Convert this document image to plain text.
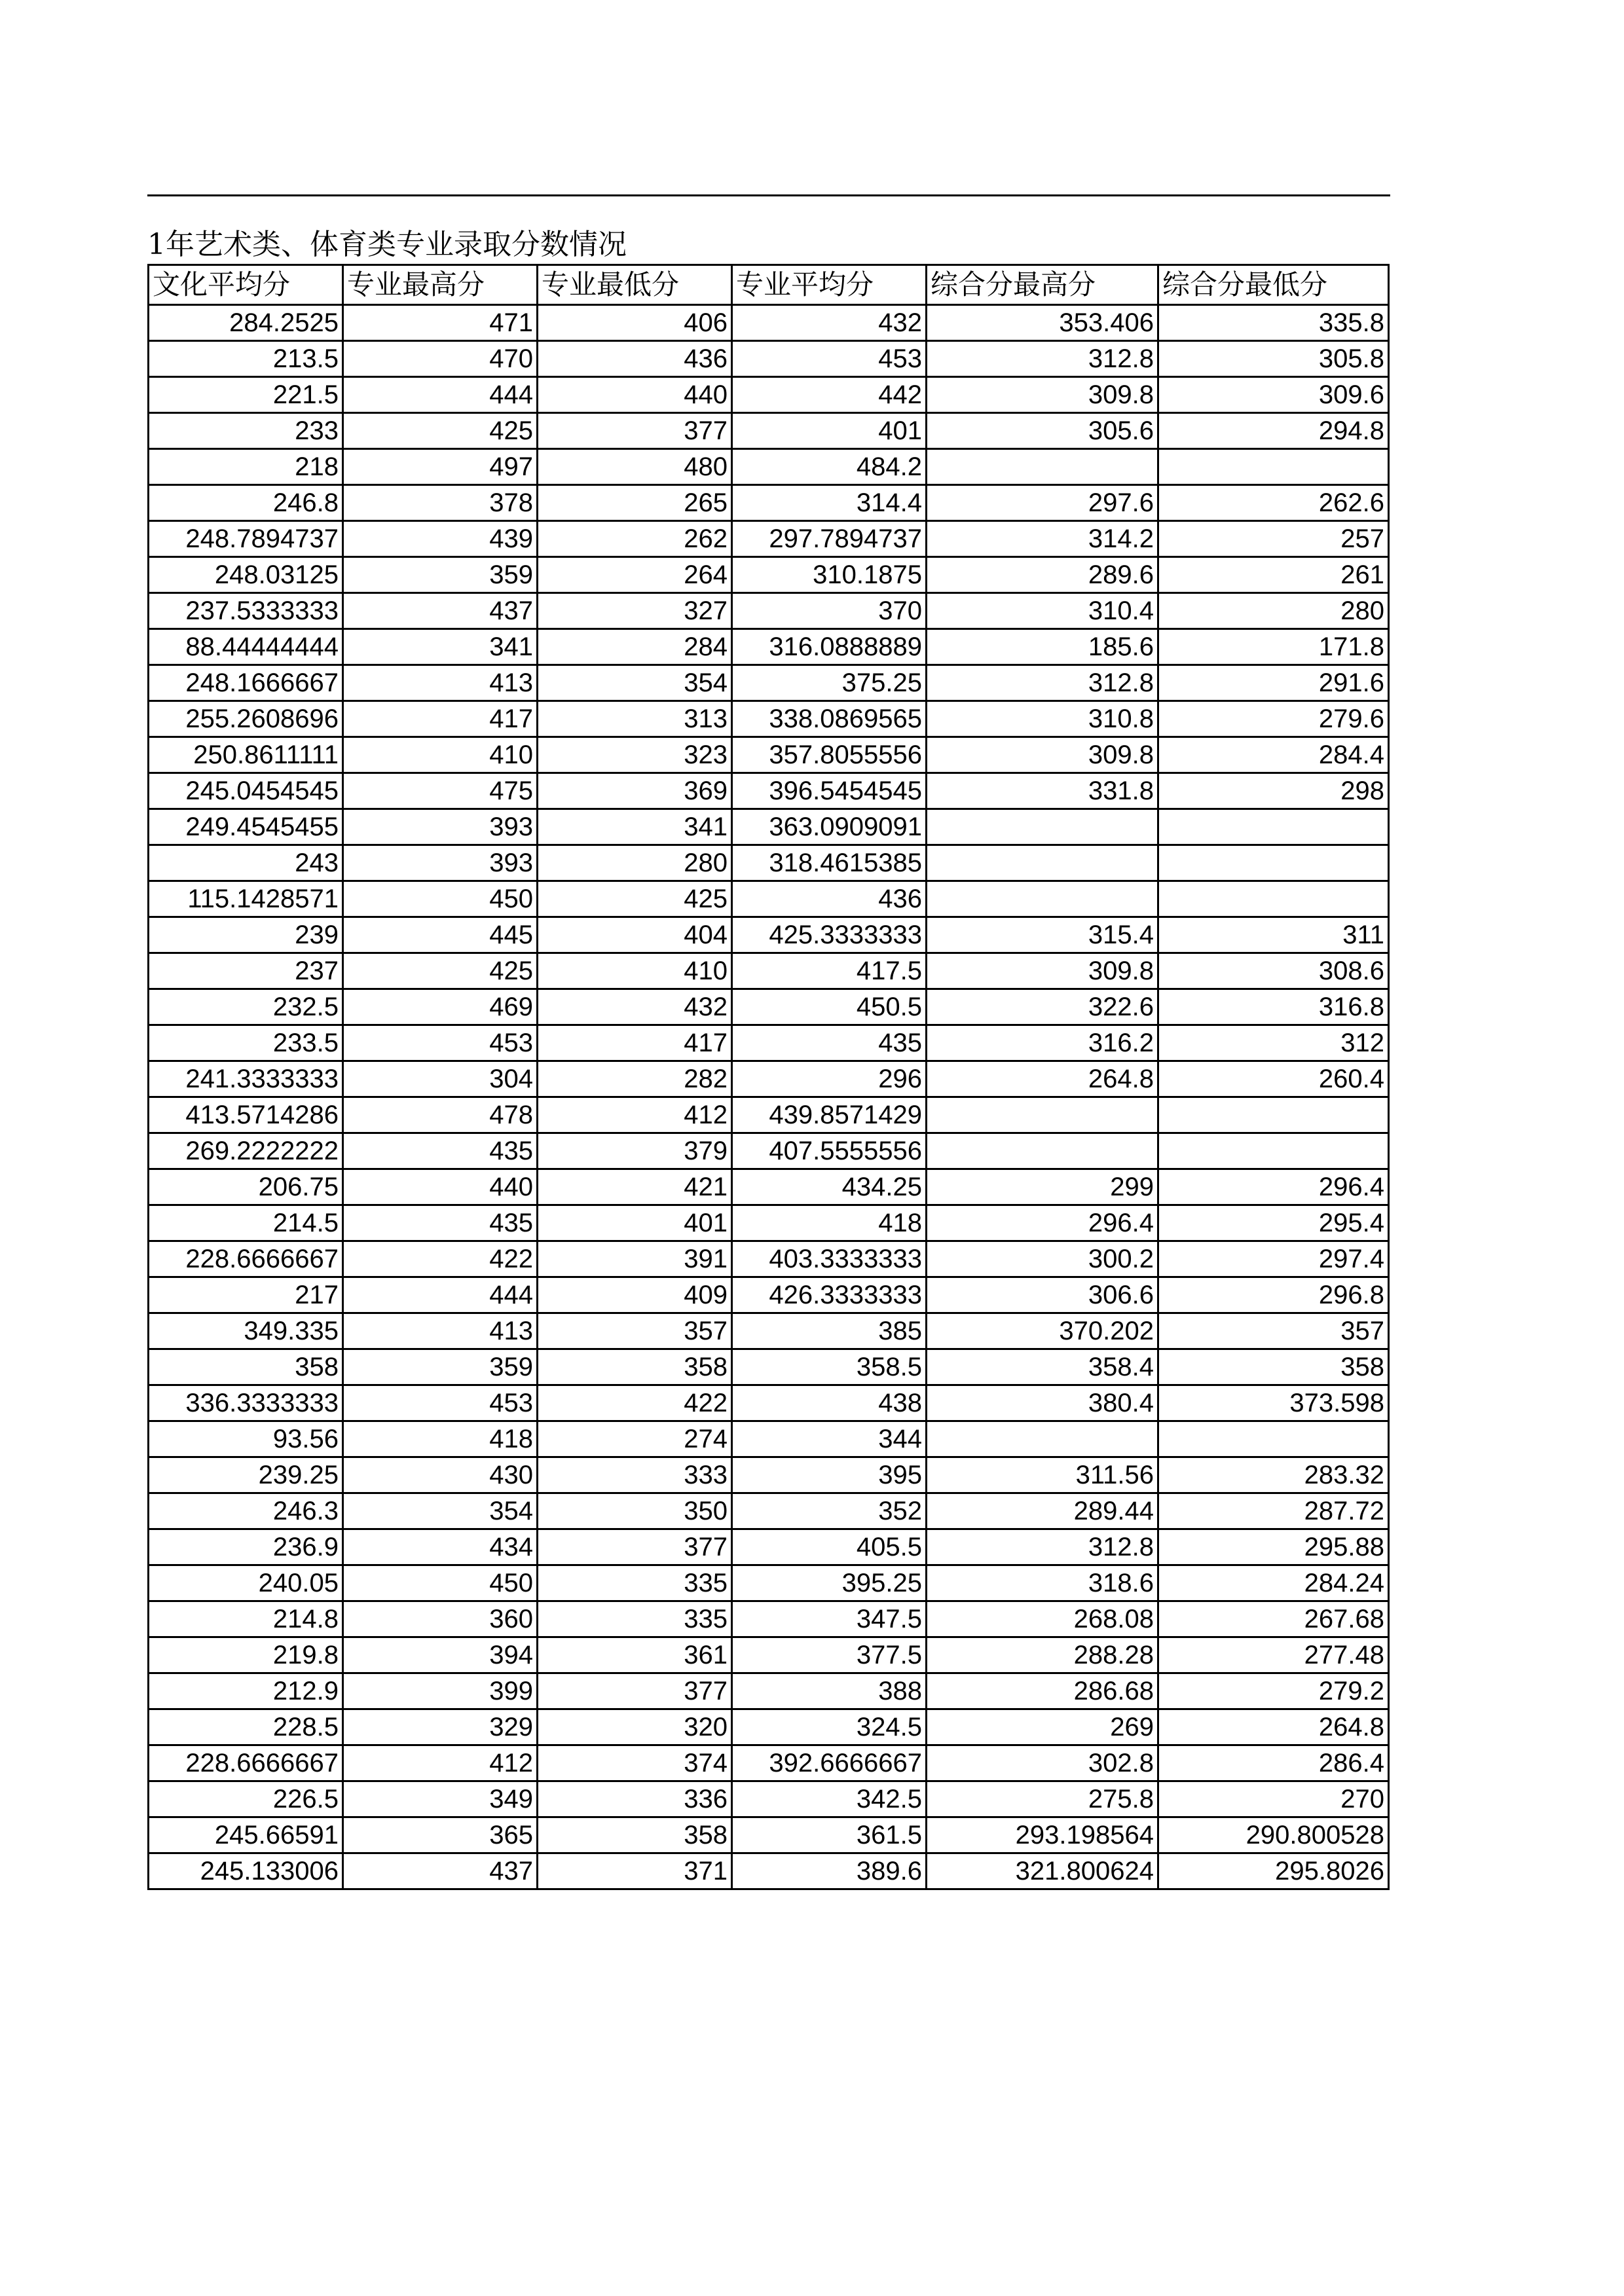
1年艺术类、体育类专业录取分数情况
文化平均分	专业最高分	专业最低分	专业平均分	综合分最高分	综合分最低分
284.2525	471	406	432	353.406	335.8
213.5	470	436	453	312.8	305.8
221.5	444	440	442	309.8	309.6
233	425	377	401	305.6	294.8
218	497	480	484.2		
246.8	378	265	314.4	297.6	262.6
248.7894737	439	262	297.7894737	314.2	257
248.03125	359	264	310.1875	289.6	261
237.5333333	437	327	370	310.4	280
88.44444444	341	284	316.0888889	185.6	171.8
248.1666667	413	354	375.25	312.8	291.6
255.2608696	417	313	338.0869565	310.8	279.6
250.8611111	410	323	357.8055556	309.8	284.4
245.0454545	475	369	396.5454545	331.8	298
249.4545455	393	341	363.0909091		
243	393	280	318.4615385		
115.1428571	450	425	436		
239	445	404	425.3333333	315.4	311
237	425	410	417.5	309.8	308.6
232.5	469	432	450.5	322.6	316.8
233.5	453	417	435	316.2	312
241.3333333	304	282	296	264.8	260.4
413.5714286	478	412	439.8571429		
269.2222222	435	379	407.5555556		
206.75	440	421	434.25	299	296.4
214.5	435	401	418	296.4	295.4
228.6666667	422	391	403.3333333	300.2	297.4
217	444	409	426.3333333	306.6	296.8
349.335	413	357	385	370.202	357
358	359	358	358.5	358.4	358
336.3333333	453	422	438	380.4	373.598
93.56	418	274	344		
239.25	430	333	395	311.56	283.32
246.3	354	350	352	289.44	287.72
236.9	434	377	405.5	312.8	295.88
240.05	450	335	395.25	318.6	284.24
214.8	360	335	347.5	268.08	267.68
219.8	394	361	377.5	288.28	277.48
212.9	399	377	388	286.68	279.2
228.5	329	320	324.5	269	264.8
228.6666667	412	374	392.6666667	302.8	286.4
226.5	349	336	342.5	275.8	270
245.66591	365	358	361.5	293.198564	290.800528
245.133006	437	371	389.6	321.800624	295.8026
